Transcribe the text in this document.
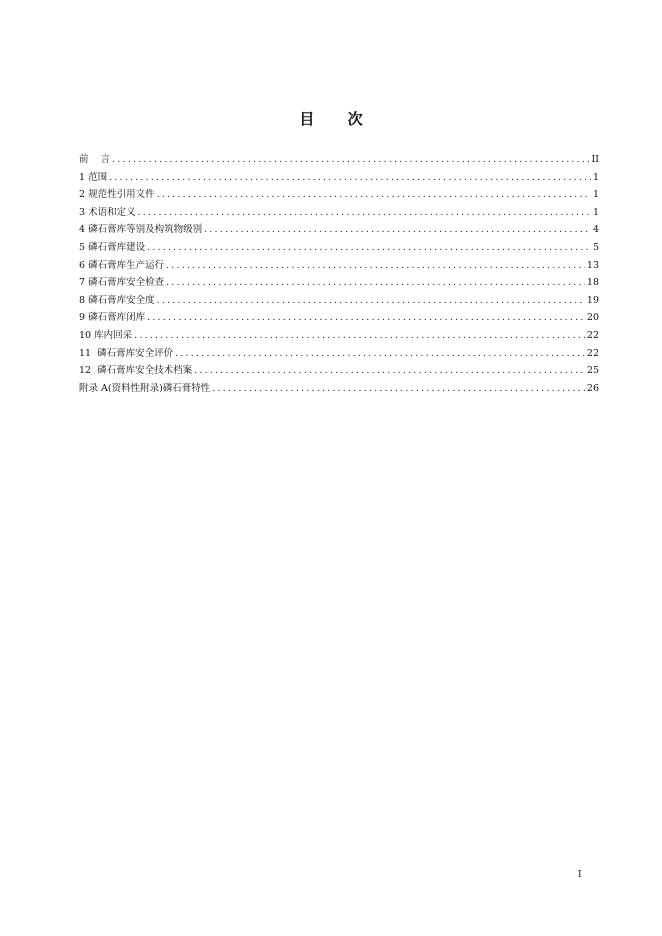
目 次
前    言 .....	II
1 范围 .....	1
2 规范性引用文件 .....	1
3 术语和定义 .....	1
4 磷石膏库等别及构筑物级别 .....	4
5 磷石膏库建设 .....	5
6 磷石膏库生产运行 .....	13
7 磷石膏库安全检查 .....	18
8 磷石膏库安全度 .....	19
9 磷石膏库闭库 .....	20
10 库内回采 .....	22
11  磷石膏库安全评价 .....	22
12  磷石膏库安全技术档案 .....	25
附录 A(资料性附录)磷石膏特性 .....	26
I
